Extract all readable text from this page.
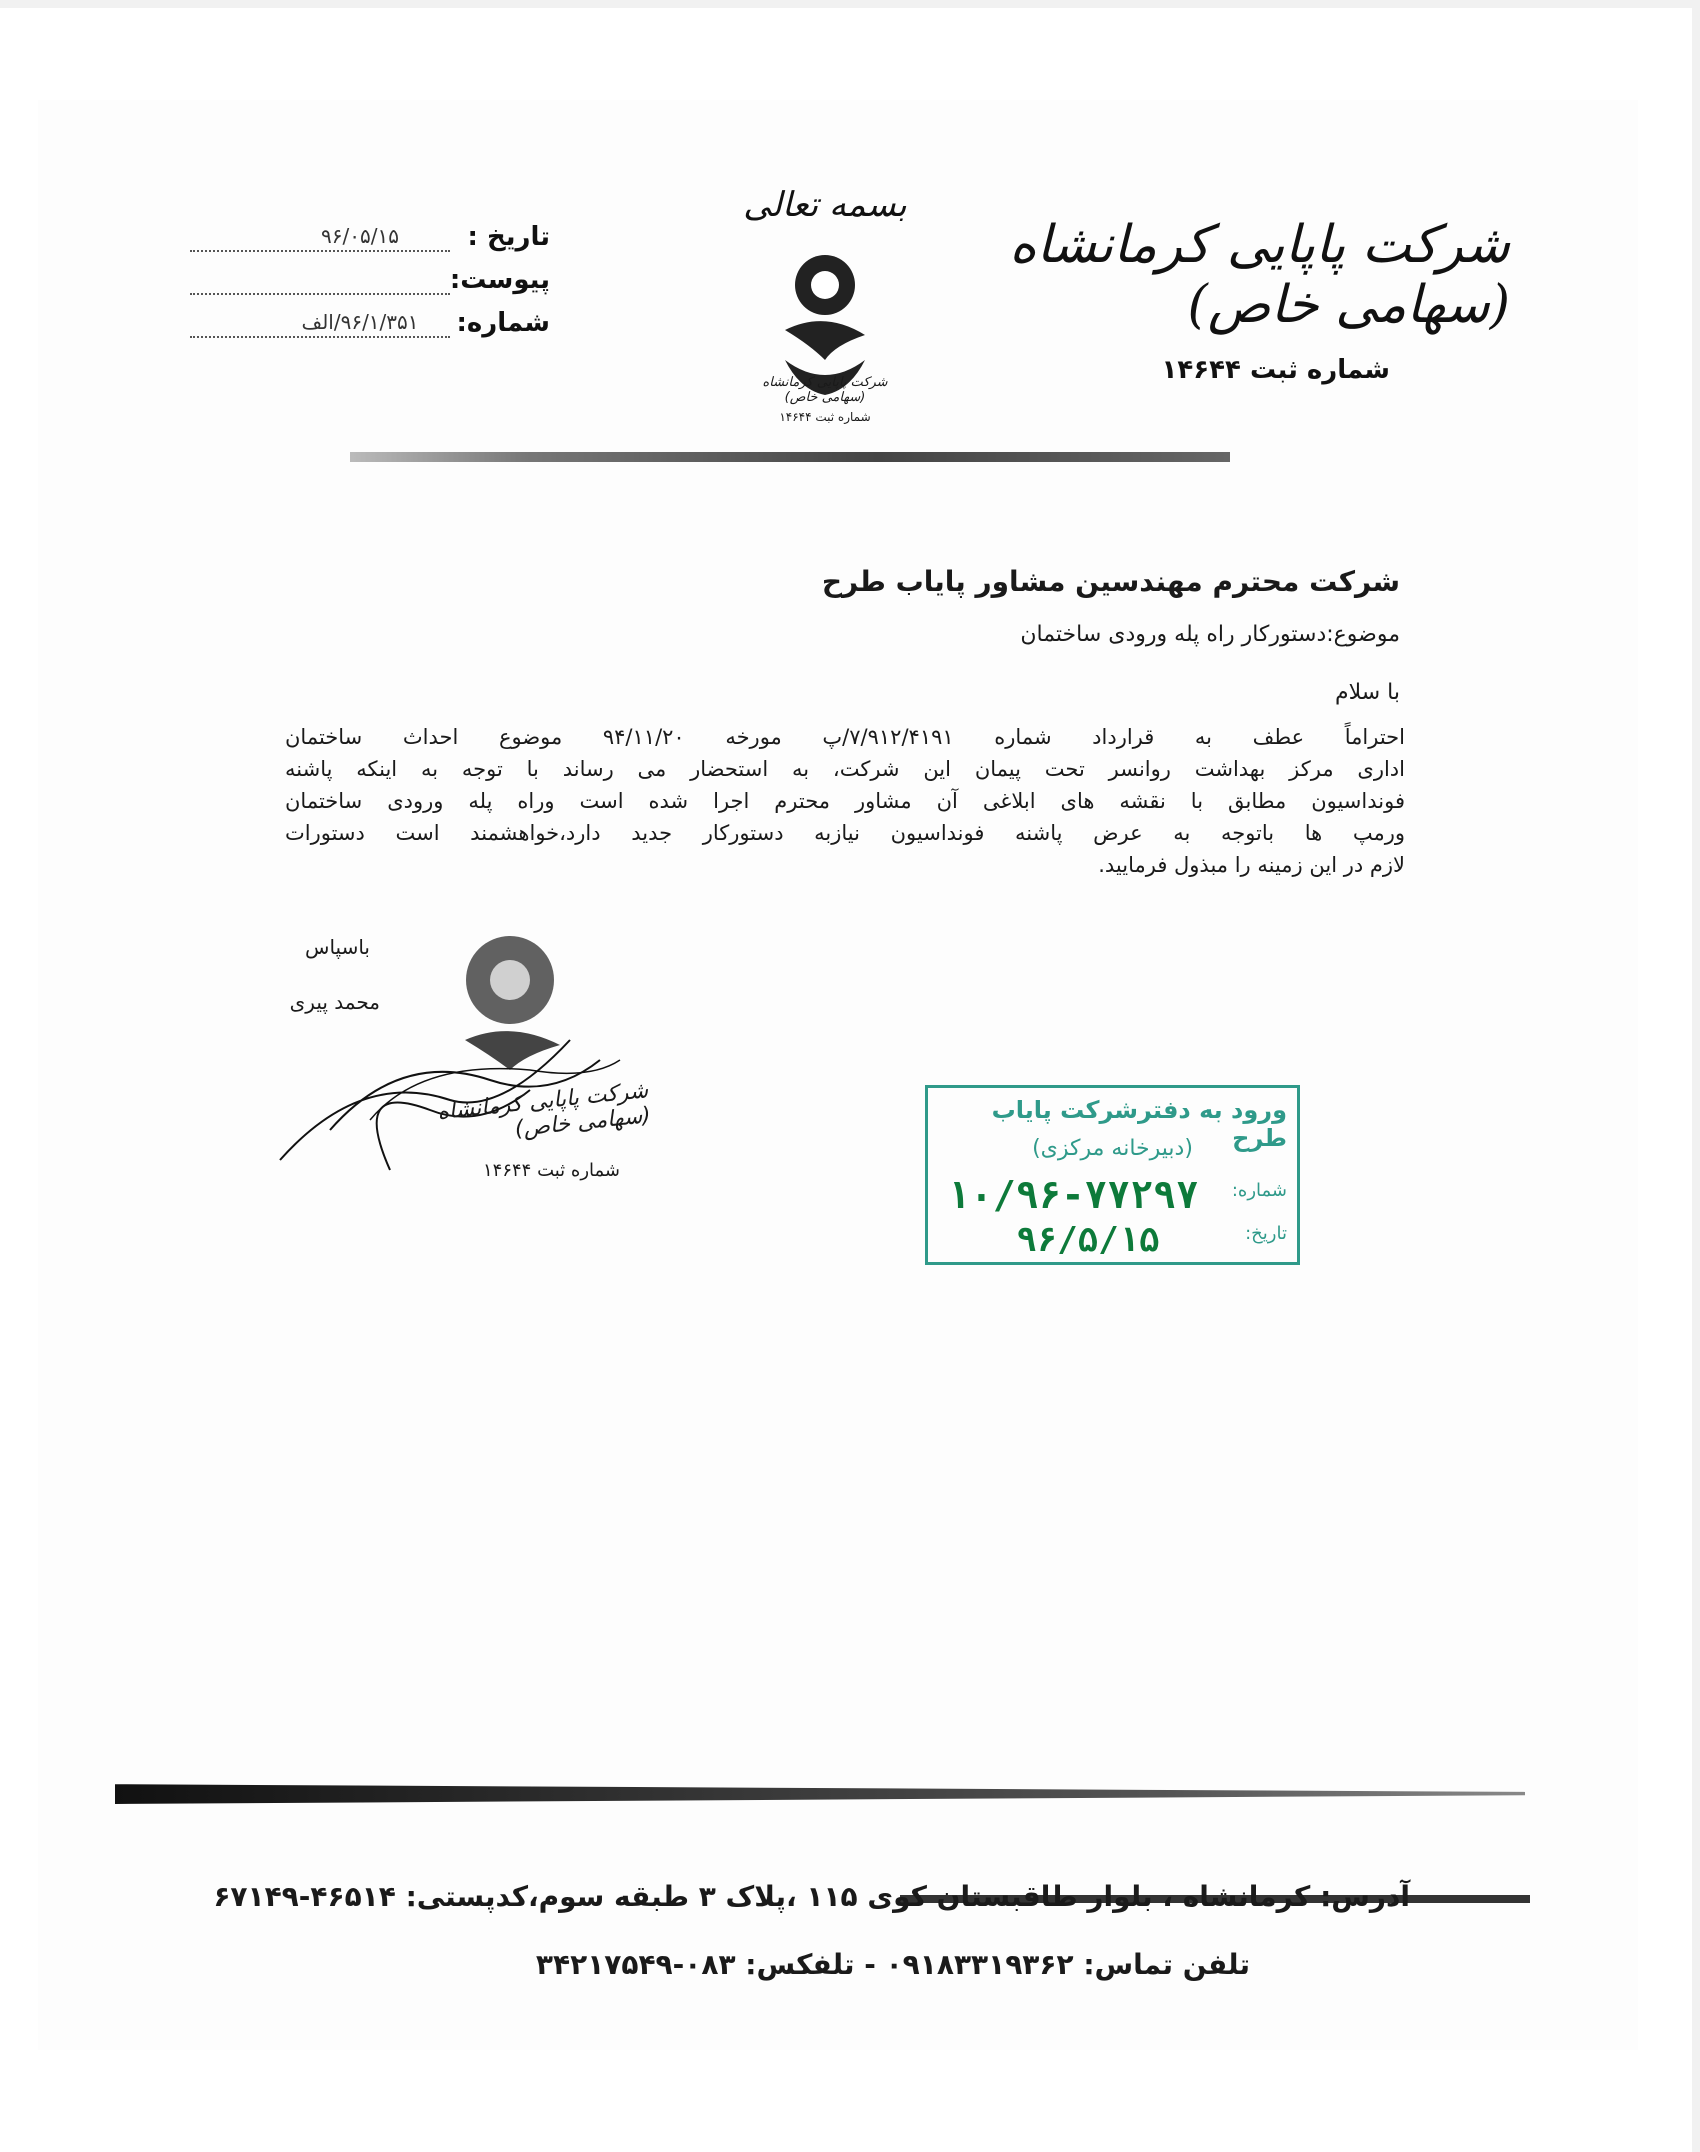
بسمه تعالی
شرکت پاپایی کرمانشاه (سهامی خاص)
شماره ثبت ۱۴۶۴۴
شرکت پاپایی کرمانشاه (سهامی خاص)
شماره ثبت ۱۴۶۴۴
تاریخ :
۹۶/۰۵/۱۵
پیوست:
شماره:
۹۶/۱/۳۵۱/الف
شرکت محترم مهندسین مشاور پایاب طرح
موضوع:دستورکار راه پله ورودی ساختمان
با سلام
احتراماً عطف به قرارداد شماره ۷/۹۱۲/۴۱۹۱/پ مورخه ۹۴/۱۱/۲۰ موضوع احداث ساختمان
اداری مرکز بهداشت روانسر تحت پیمان این شرکت، به استحضار می رساند با توجه به اینکه پاشنه
فونداسیون مطابق با نقشه های ابلاغی آن مشاور محترم اجرا شده است وراه پله ورودی ساختمان
ورمپ ها باتوجه به عرض پاشنه فونداسیون نیازبه دستورکار جدید دارد،خواهشمند است دستورات
لازم در این زمینه را مبذول فرمایید.
باسپاس
محمد پیری
شرکت پاپایی کرمانشاه (سهامی خاص)
شماره ثبت ۱۴۶۴۴
ورود به دفترشرکت پایاب طرح
(دبیرخانه مرکزی)
شماره:
۱۰/۹۶-۷۷۲۹۷
تاریخ:
۹۶/۵/۱۵
آدرس: کرمانشاه ، بلوار طاقبستان کوی ۱۱۵ ،پلاک ۳ طبقه سوم،کدپستی: ۴۶۵۱۴-۶۷۱۴۹
تلفن تماس: ۰۹۱۸۳۳۱۹۳۶۲ - تلفکس: ۰۸۳-۳۴۲۱۷۵۴۹
